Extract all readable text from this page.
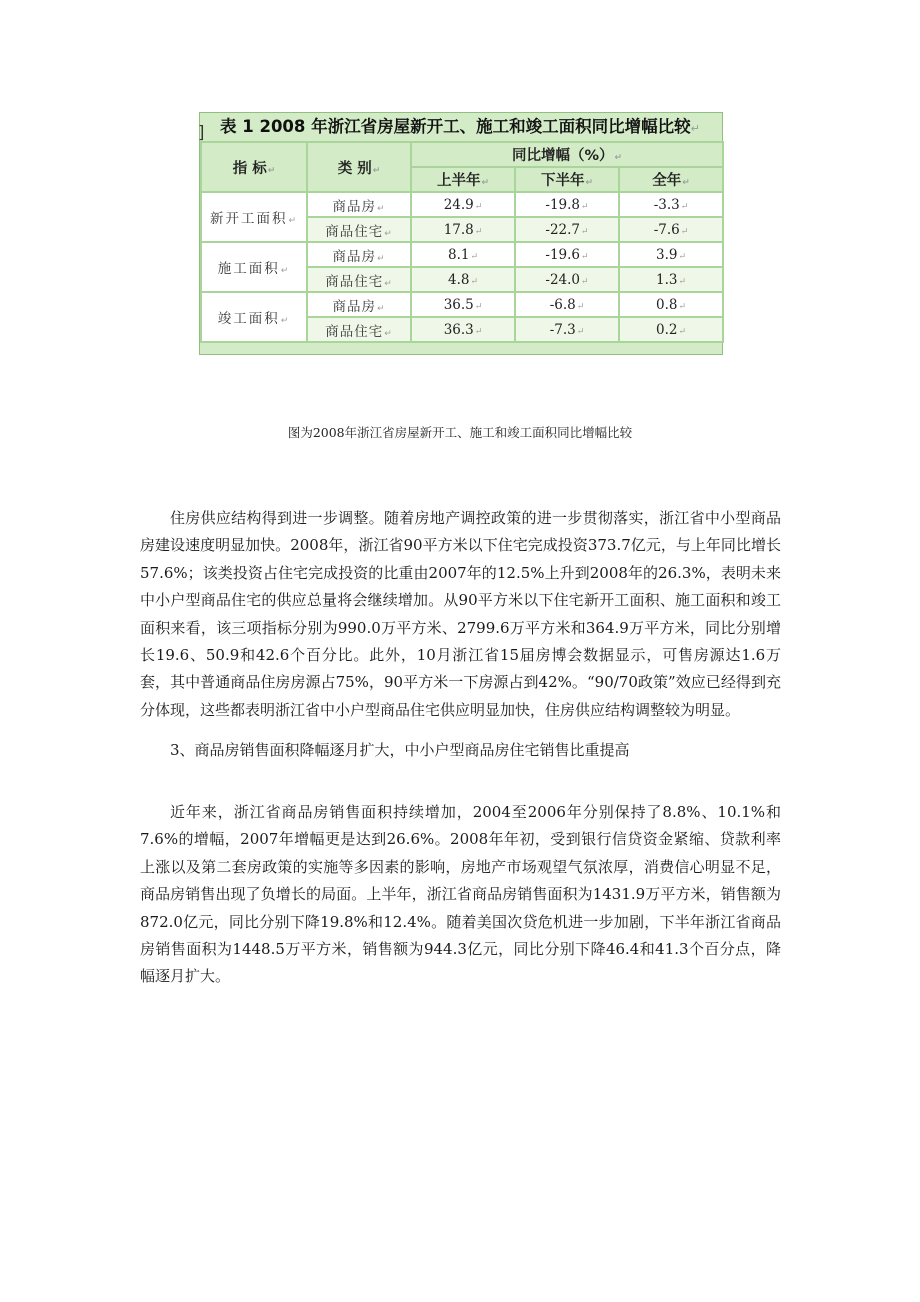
] 表 1 2008 年浙江省房屋新开工、施工和竣工面积同比增幅比较↵
指 标↵	类 别↵	同比增幅（%）↵		
		上半年↵	下半年↵	全年↵
新开工面积↵	商品房↵	24.9↵	-19.8↵	-3.3↵
	商品住宅↵	17.8↵	-22.7↵	-7.6↵
施工面积↵	商品房↵	8.1↵	-19.6↵	3.9↵
	商品住宅↵	4.8↵	-24.0↵	1.3↵
竣工面积↵	商品房↵	36.5↵	-6.8↵	0.8↵
	商品住宅↵	36.3↵	-7.3↵	0.2↵
图为2008年浙江省房屋新开工、施工和竣工面积同比增幅比较

住房供应结构得到进一步调整。随着房地产调控政策的进一步贯彻落实，浙江省中小型商品房建设速度明显加快。2008年，浙江省90平方米以下住宅完成投资373.7亿元，与上年同比增长57.6%；该类投资占住宅完成投资的比重由2007年的12.5%上升到2008年的26.3%，表明未来中小户型商品住宅的供应总量将会继续增加。从90平方米以下住宅新开工面积、施工面积和竣工面积来看，该三项指标分别为990.0万平方米、2799.6万平方米和364.9万平方米，同比分别增长19.6、50.9和42.6个百分比。此外，10月浙江省15届房博会数据显示，可售房源达1.6万套，其中普通商品住房房源占75%，90平方米一下房源占到42%。“90/70政策”效应已经得到充分体现，这些都表明浙江省中小户型商品住宅供应明显加快，住房供应结构调整较为明显。

3、商品房销售面积降幅逐月扩大，中小户型商品房住宅销售比重提高

近年来，浙江省商品房销售面积持续增加，2004至2006年分别保持了8.8%、10.1%和7.6%的增幅，2007年增幅更是达到26.6%。2008年年初，受到银行信贷资金紧缩、贷款利率上涨以及第二套房政策的实施等多因素的影响，房地产市场观望气氛浓厚，消费信心明显不足，商品房销售出现了负增长的局面。上半年，浙江省商品房销售面积为1431.9万平方米，销售额为872.0亿元，同比分别下降19.8%和12.4%。随着美国次贷危机进一步加剧，下半年浙江省商品房销售面积为1448.5万平方米，销售额为944.3亿元，同比分别下降46.4和41.3个百分点，降幅逐月扩大。
